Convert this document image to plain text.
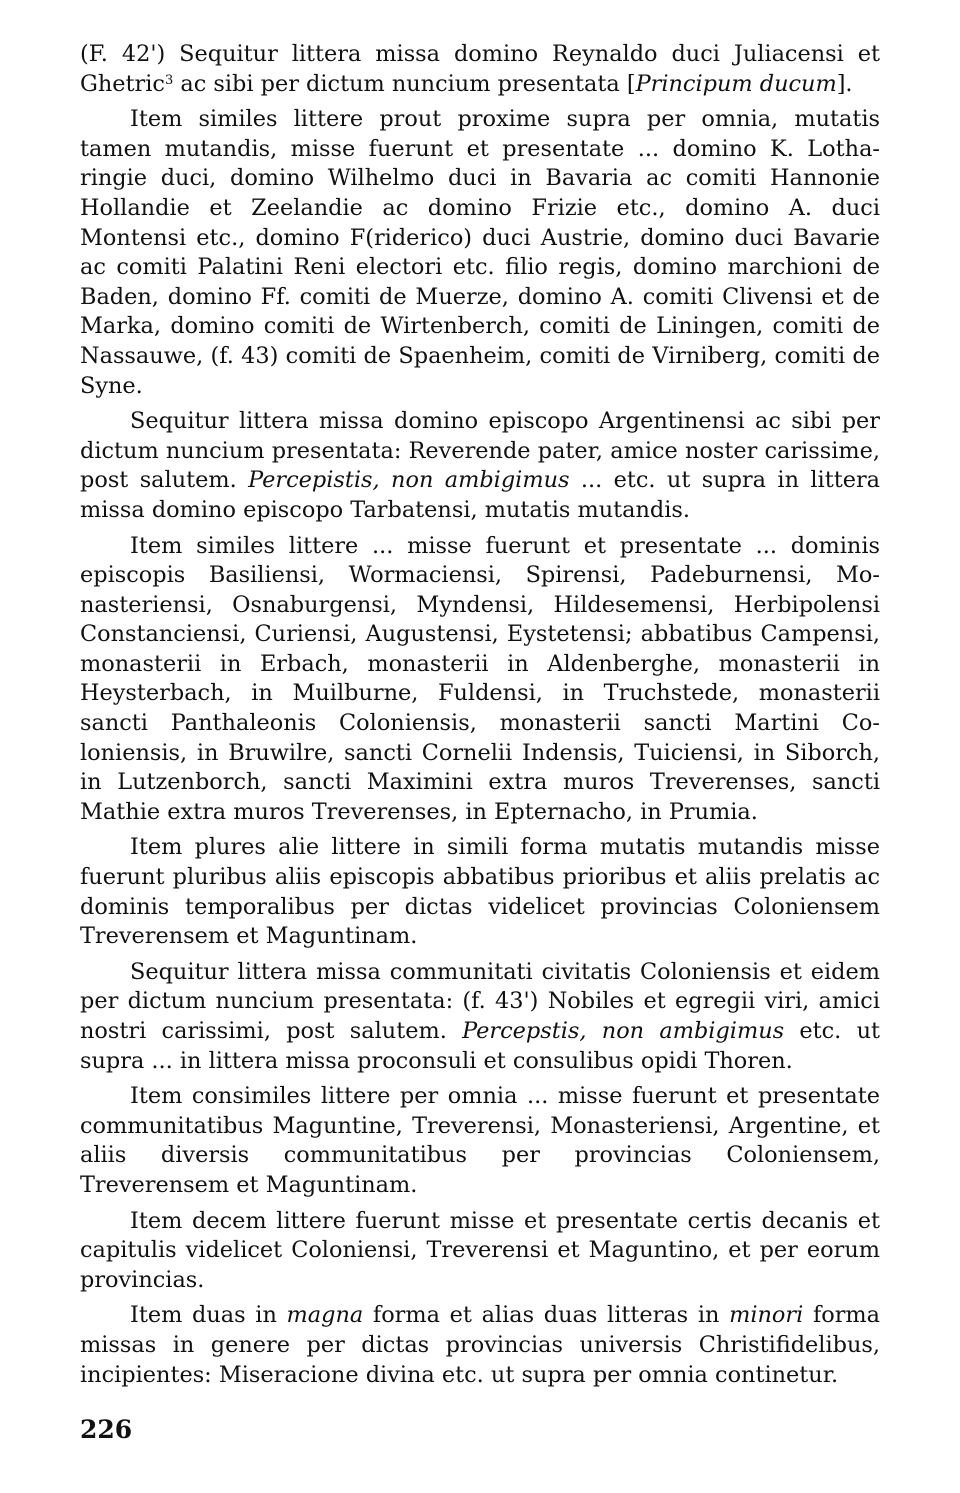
(F. 42') Sequitur littera missa domino Reynaldo duci Juliacensi et Ghetric$^3$ ac sibi per dictum nuncium presentata [Principum ducum].

Item similes littere prout proxime supra per omnia, mutatis tamen mutandis, misse fuerunt et presentate ... domino K. Lotharingie duci, domino Wilhelmo duci in Bavaria ac comiti Hannonie Hollandie et Zeelandie ac domino Frizie etc., domino A. duci Montensi etc., domino F(riderico) duci Austrie, domino duci Bavarie ac comiti Palatini Reni electori etc. filio regis, domino marchioni de Baden, domino Ff. comiti de Muerze, domino A. comiti Clivensi et de Marka, domino comiti de Wirtenberch, comiti de Liningen, comiti de Nassauwe, (f. 43) comiti de Spaenheim, comiti de Virniberg, comiti de Syne.

Sequitur littera missa domino episcopo Argentinensi ac sibi per dictum nuncium presentata: Reverende pater, amice noster carissime, post salutem. Percepistis, non ambigimus ... etc. ut supra in littera missa domino episcopo Tarbatensi, mutatis mutandis.

Item similes littere ... misse fuerunt et presentate ... dominis episcopis Basiliensi, Wormaciensi, Spirensi, Padeburnensi, Monasteriensi, Osnaburgensi, Myndensi, Hildesemensi, Herbipolensi Constanciensi, Curiensi, Augustensi, Eystetensi; abbatibus Campensi, monasterii in Erbach, monasterii in Aldenberghe, monasterii in Heysterbach, in Muilburne, Fuldensi, in Truchstede, monasterii sancti Panthaleonis Coloniensis, monasterii sancti Martini Coloniensis, in Bruwilre, sancti Cornelii Indensis, Tuiciensi, in Siborch, in Lutzenborch, sancti Maximini extra muros Treverenses, sancti Mathie extra muros Treverenses, in Epternacho, in Prumia.

Item plures alie littere in simili forma mutatis mutandis misse fuerunt pluribus aliis episcopis abbatibus prioribus et aliis prelatis ac dominis temporalibus per dictas videlicet provincias Coloniensem Treverensem et Maguntinam.

Sequitur littera missa communitati civitatis Coloniensis et eidem per dictum nuncium presentata: (f. 43') Nobiles et egregii viri, amici nostri carissimi, post salutem. Percepstis, non ambigimus etc. ut supra ... in littera missa proconsuli et consulibus opidi Thoren.

Item consimiles littere per omnia ... misse fuerunt et presentate communitatibus Maguntine, Treverensi, Monasteriensi, Argentine, et aliis diversis communitatibus per provincias Coloniensem, Treverensem et Maguntinam.

Item decem littere fuerunt misse et presentate certis decanis et capitulis videlicet Coloniensi, Treverensi et Maguntino, et per eorum provincias.

Item duas in magna forma et alias duas litteras in minori forma missas in genere per dictas provincias universis Christifidelibus, incipientes: Miseracione divina etc. ut supra per omnia continetur.

226
